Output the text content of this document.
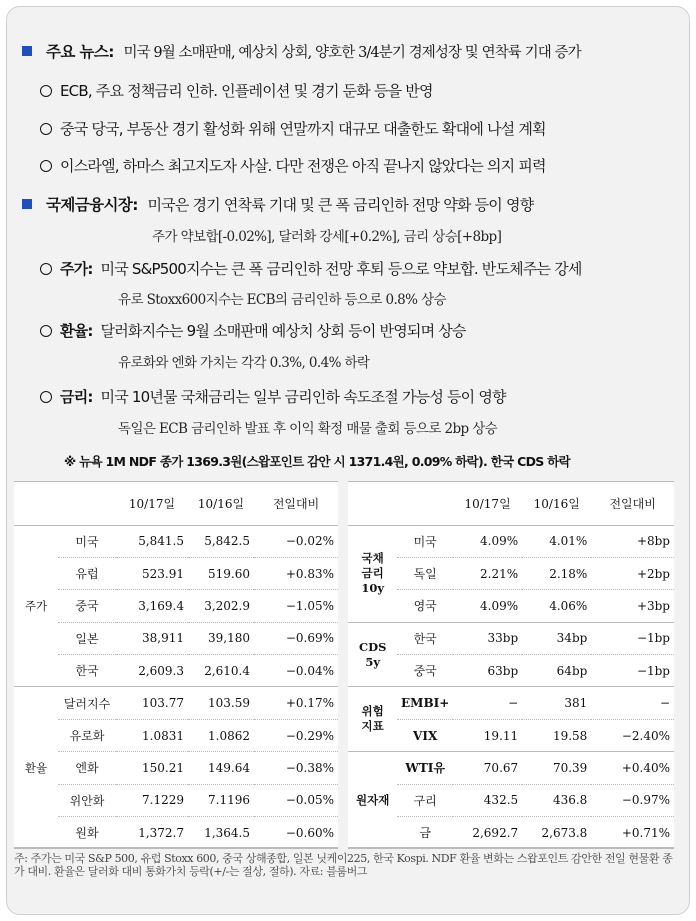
주요 뉴스: 미국 9월 소매판매, 예상치 상회, 양호한 3/4분기 경제성장 및 연착륙 기대 증가
ECB, 주요 정책금리 인하. 인플레이션 및 경기 둔화 등을 반영
중국 당국, 부동산 경기 활성화 위해 연말까지 대규모 대출한도 확대에 나설 계획
이스라엘, 하마스 최고지도자 사살. 다만 전쟁은 아직 끝나지 않았다는 의지 피력
국제금융시장: 미국은 경기 연착륙 기대 및 큰 폭 금리인하 전망 약화 등이 영향
주가 약보합[-0.02%], 달러화 강세[+0.2%], 금리 상승[+8bp]
주가: 미국 S&P500지수는 큰 폭 금리인하 전망 후퇴 등으로 약보합. 반도체주는 강세
유로 Stoxx600지수는 ECB의 금리인하 등으로 0.8% 상승
환율: 달러화지수는 9월 소매판매 예상치 상회 등이 반영되며 상승
유로화와 엔화 가치는 각각 0.3%, 0.4% 하락
금리: 미국 10년물 국채금리는 일부 금리인하 속도조절 가능성 등이 영향
독일은 ECB 금리인하 발표 후 이익 확정 매물 출회 등으로 2bp 상승
※ 뉴욕 1M NDF 종가 1369.3원(스왑포인트 감안 시 1371.4원, 0.09% 하락). 한국 CDS 하락
		10/17일	10/16일	전일대비
주가	미국	5,841.5	5,842.5	−0.02%
	유럽	523.91	519.60	+0.83%
	중국	3,169.4	3,202.9	−1.05%
	일본	38,911	39,180	−0.69%
	한국	2,609.3	2,610.4	−0.04%
환율	달러지수	103.77	103.59	+0.17%
	유로화	1.0831	1.0862	−0.29%
	엔화	150.21	149.64	−0.38%
	위안화	7.1229	7.1196	−0.05%
	원화	1,372.7	1,364.5	−0.60%
		10/17일	10/16일	전일대비
국채 금리 10y	미국	4.09%	4.01%	+8bp
	독일	2.21%	2.18%	+2bp
	영국	4.09%	4.06%	+3bp
CDS 5y	한국	33bp	34bp	−1bp
	중국	63bp	64bp	−1bp
위험 지표	EMBI+	−	381	−
	VIX	19.11	19.58	−2.40%
원자재	WTI유	70.67	70.39	+0.40%
	구리	432.5	436.8	−0.97%
	금	2,692.7	2,673.8	+0.71%
주: 주가는 미국 S&P 500, 유럽 Stoxx 600, 중국 상해종합, 일본 닛케이225, 한국 Kospi. NDF 환율 변화는 스왑포인트 감안한 전일 현물환 종가 대비. 환율은 달러화 대비 통화가치 등락(+/-는 절상, 절하). 자료: 블룸버그
